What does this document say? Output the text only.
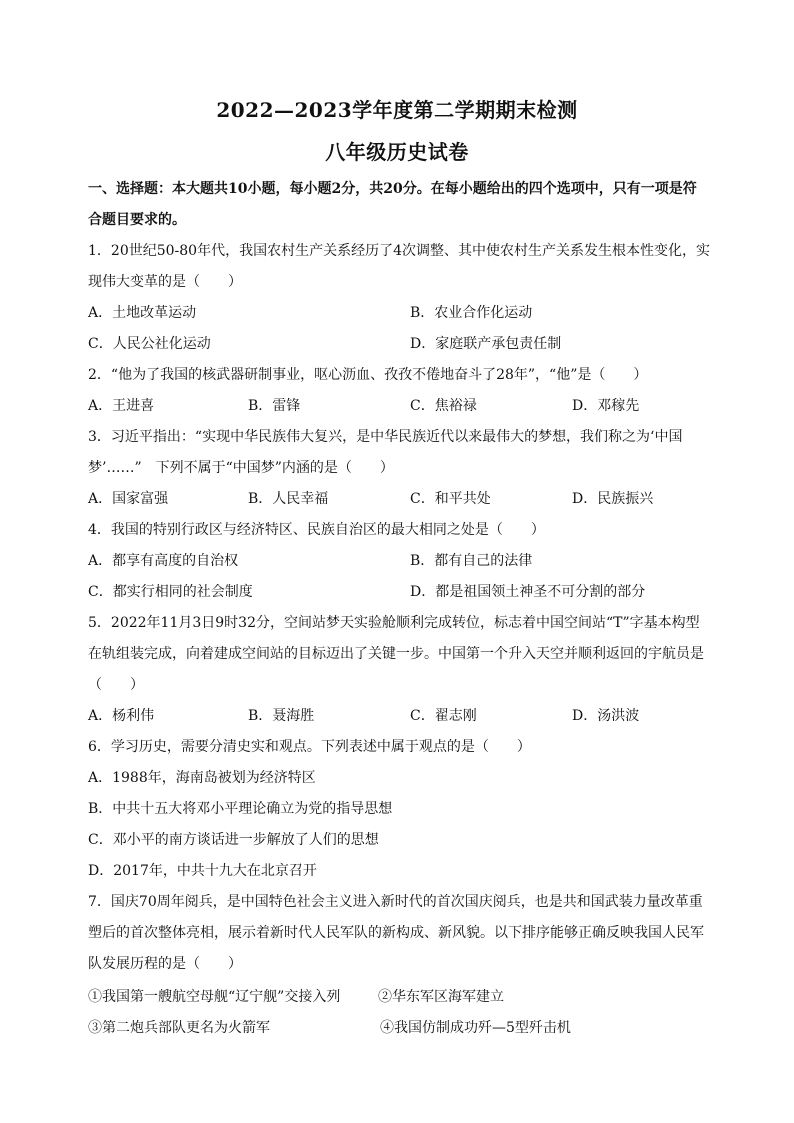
2022—2023学年度第二学期期末检测
八年级历史试卷
一、选择题：本大题共10小题，每小题2分，共20分。在每小题给出的四个选项中，只有一项是符
合题目要求的。
1．20世纪50-80年代，我国农村生产关系经历了4次调整、其中使农村生产关系发生根本性变化，实
现伟大变革的是（　　）
A．土地改革运动	B．农业合作化运动
C．人民公社化运动	D．家庭联产承包责任制
2．“他为了我国的核武器研制事业，呕心沥血、孜孜不倦地奋斗了28年”，“他”是（　　）
A．王进喜	B．雷锋	C．焦裕禄	D．邓稼先
3．习近平指出：“实现中华民族伟大复兴，是中华民族近代以来最伟大的梦想，我们称之为‘中国
梦’……”　下列不属于“中国梦”内涵的是（　　）
A．国家富强	B．人民幸福	C．和平共处	D．民族振兴
4．我国的特别行政区与经济特区、民族自治区的最大相同之处是（　　）
A．都享有高度的自治权	B．都有自己的法律
C．都实行相同的社会制度	D．都是祖国领土神圣不可分割的部分
5．2022年11月3日9时32分，空间站梦天实验舱顺利完成转位，标志着中国空间站“T”字基本构型
在轨组装完成，向着建成空间站的目标迈出了关键一步。中国第一个升入天空并顺利返回的宇航员是
（　　）
A．杨利伟	B．聂海胜	C．翟志刚	D．汤洪波
6．学习历史，需要分清史实和观点。下列表述中属于观点的是（　　）
A．1988年，海南岛被划为经济特区
B．中共十五大将邓小平理论确立为党的指导思想
C．邓小平的南方谈话进一步解放了人们的思想
D．2017年，中共十九大在北京召开
7．国庆70周年阅兵，是中国特色社会主义进入新时代的首次国庆阅兵，也是共和国武装力量改革重
塑后的首次整体亮相，展示着新时代人民军队的新构成、新风貌。以下排序能够正确反映我国人民军
队发展历程的是（　　）
①我国第一艘航空母舰“辽宁舰”交接入列	②华东军区海军建立
③第二炮兵部队更名为火箭军	④我国仿制成功歼—5型歼击机
